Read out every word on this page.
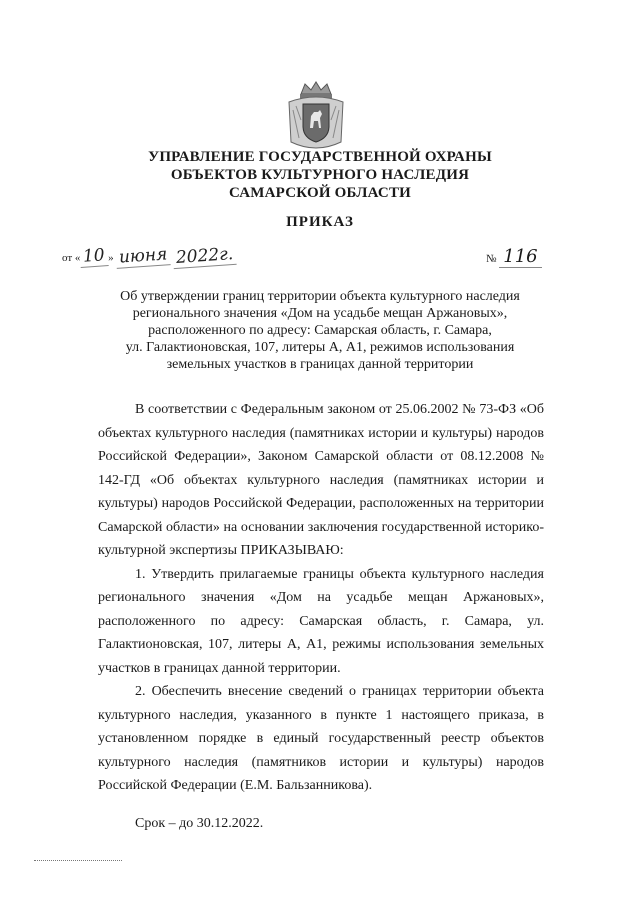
УПРАВЛЕНИЕ ГОСУДАРСТВЕННОЙ ОХРАНЫ
ОБЪЕКТОВ КУЛЬТУРНОГО НАСЛЕДИЯ
САМАРСКОЙ ОБЛАСТИ
ПРИКАЗ
от « 10 » июня 2022г.	№ 116
Об утверждении границ территории объекта культурного наследия
регионального значения «Дом на усадьбе мещан Аржановых»,
расположенного по адресу: Самарская область, г. Самара,
ул. Галактионовская, 107, литеры А, А1, режимов использования
земельных участков в границах данной территории

В соответствии с Федеральным законом от 25.06.2002 № 73-ФЗ «Об объектах культурного наследия (памятниках истории и культуры) народов Российской Федерации», Законом Самарской области от 08.12.2008 № 142-ГД «Об объектах культурного наследия (памятниках истории и культуры) народов Российской Федерации, расположенных на территории Самарской области» на основании заключения государственной историко-культурной экспертизы ПРИКАЗЫВАЮ:

1. Утвердить прилагаемые границы объекта культурного наследия регионального значения «Дом на усадьбе мещан Аржановых», расположенного по адресу: Самарская область, г. Самара, ул. Галактионовская, 107, литеры А, А1, режимы использования земельных участков в границах данной территории.

2. Обеспечить внесение сведений о границах территории объекта культурного наследия, указанного в пункте 1 настоящего приказа, в установленном порядке в единый государственный реестр объектов культурного наследия (памятников истории и культуры) народов Российской Федерации (Е.М. Бальзанникова).

Срок – до 30.12.2022.
